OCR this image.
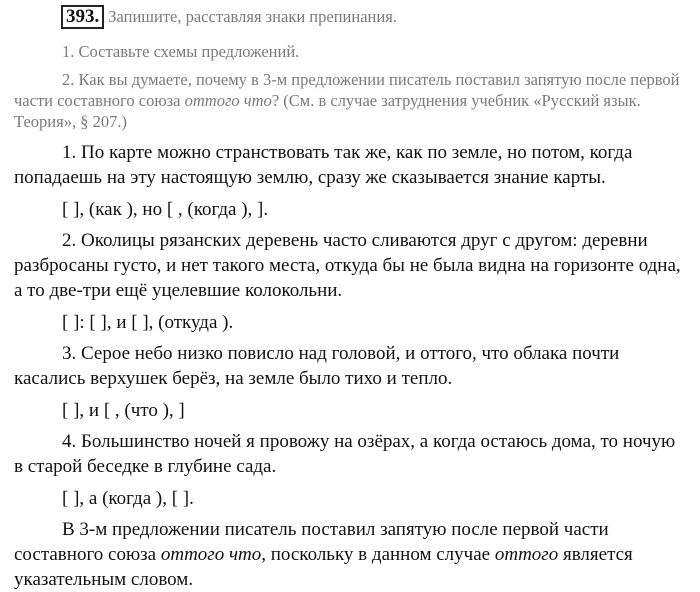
393. Запишите, расставляя знаки препинания.
1. Составьте схемы предложений.
2. Как вы думаете, почему в 3-м предложении писатель поставил запятую после первой части составного союза оттого что? (См. в случае затруднения учебник «Русский язык. Теория», § 207.)
1. По карте можно странствовать так же, как по земле, но потом, когда попадаешь на эту настоящую землю, сразу же сказывается знание карты.
[ ], (как ), но [ , (когда ), ].
2. Околицы рязанских деревень часто сливаются друг с другом: деревни разбросаны густо, и нет такого места, откуда бы не была видна на горизонте одна, а то две-три ещё уцелевшие колокольни.
[ ]: [ ], и [ ], (откуда ).
3. Серое небо низко повисло над головой, и оттого, что облака почти касались верхушек берёз, на земле было тихо и тепло.
[ ], и [ , (что ), ]
4. Большинство ночей я провожу на озёрах, а когда остаюсь дома, то ночую в старой беседке в глубине сада.
[ ], а (когда ), [ ].
В 3-м предложении писатель поставил запятую после первой части составного союза оттого что, поскольку в данном случае оттого является указательным словом.
